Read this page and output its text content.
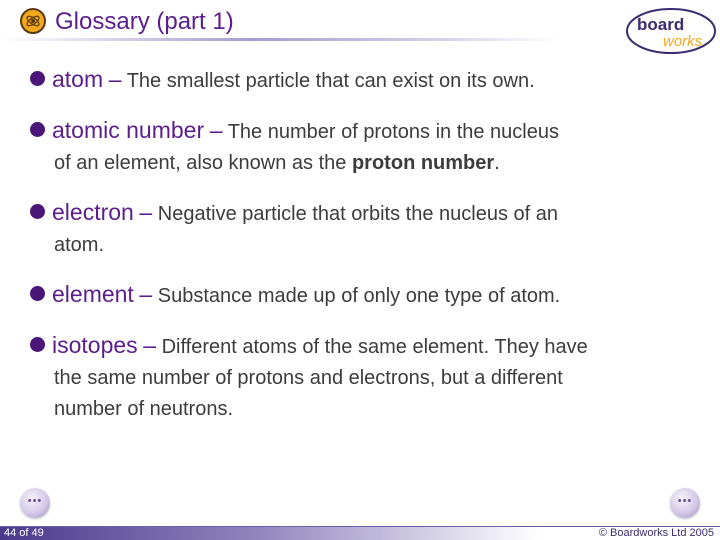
Glossary (part 1)	board
works
atom – The smallest particle that can exist on its own.
atomic number – The number of protons in the nucleus
of an element, also known as the proton number.
electron – Negative particle that orbits the nucleus of an
atom.
element – Substance made up of only one type of atom.
isotopes – Different atoms of the same element. They have
the same number of protons and electrons, but a different
number of neutrons.
•••	•••
44 of 49	© Boardworks Ltd 2005
